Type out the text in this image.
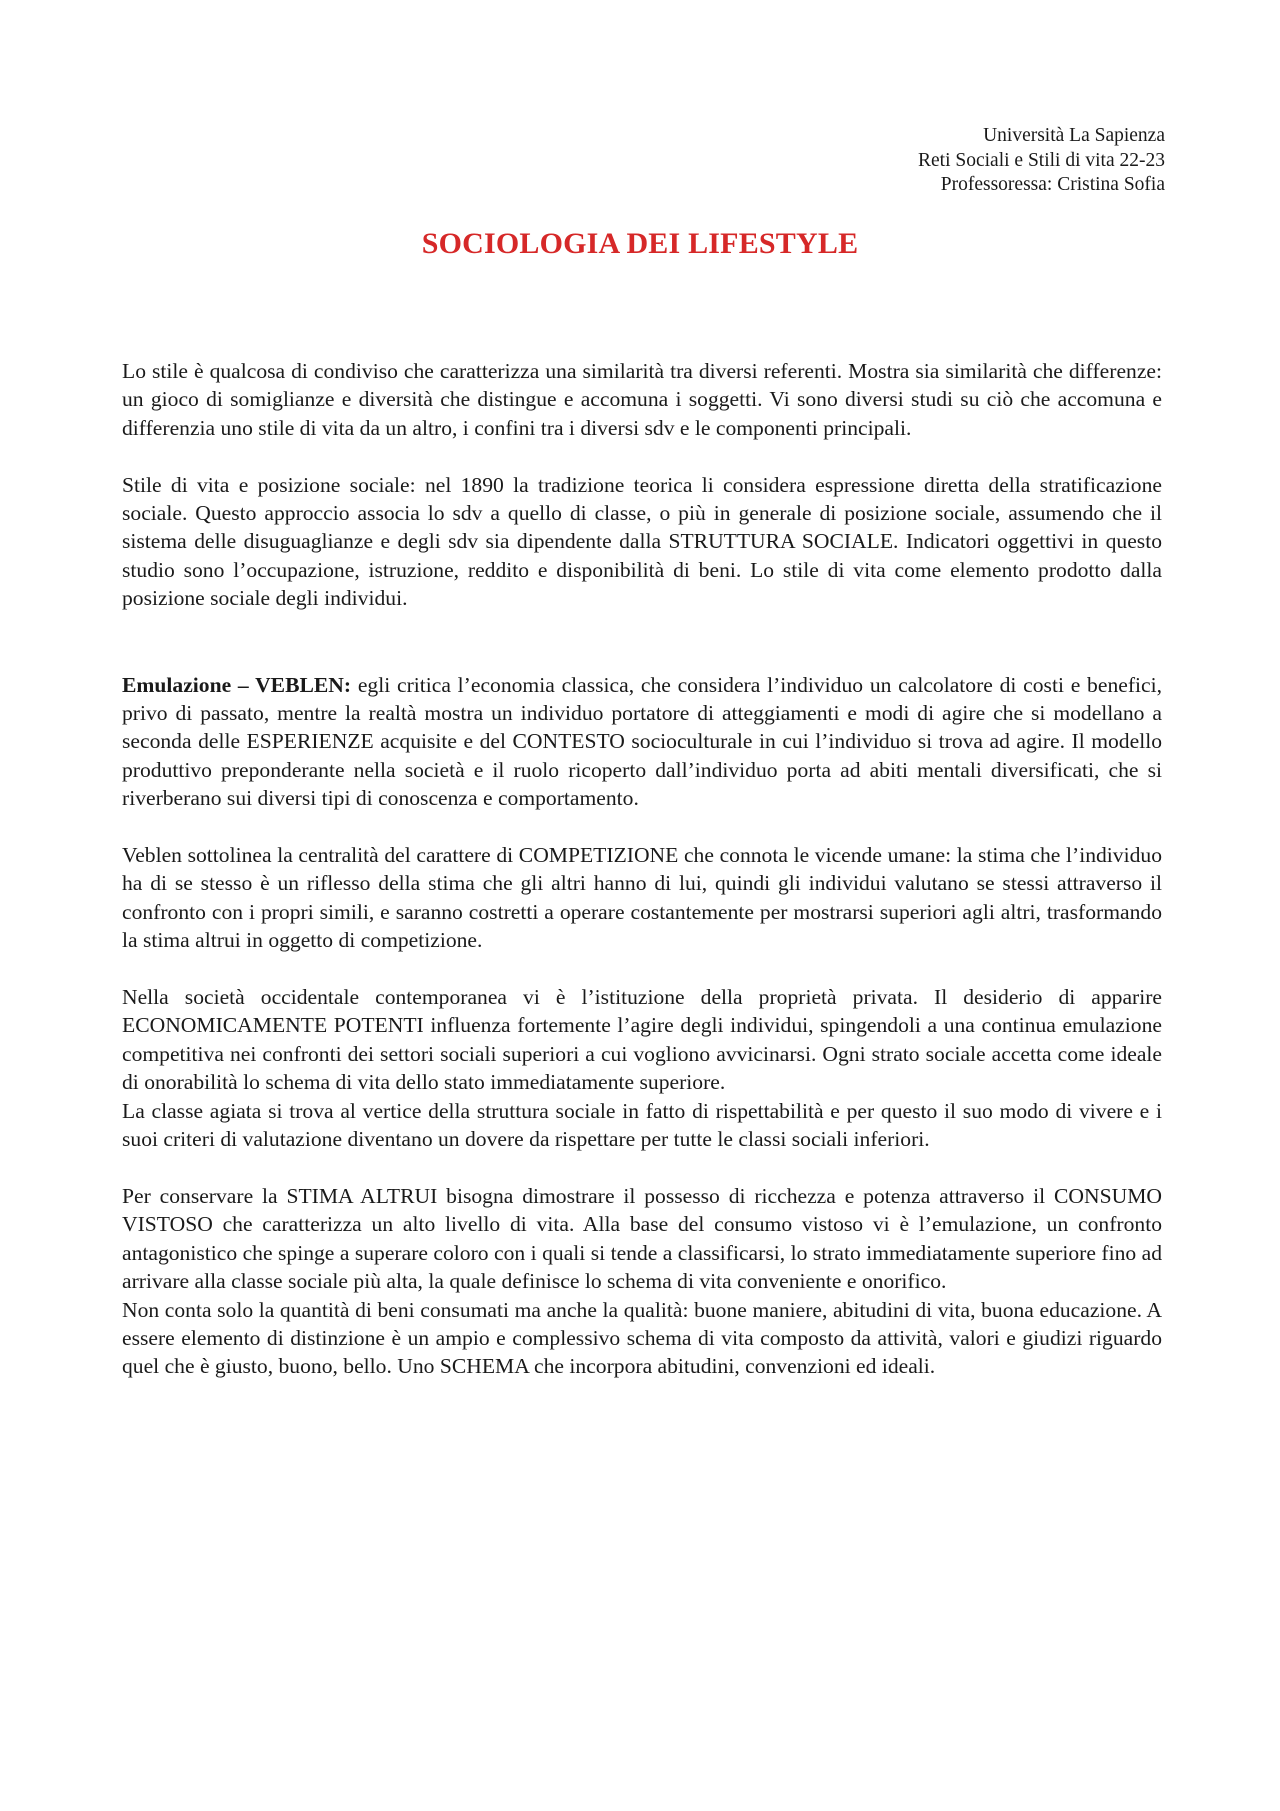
Università La Sapienza
Reti Sociali e Stili di vita 22-23
Professoressa: Cristina Sofia
SOCIOLOGIA DEI LIFESTYLE

Lo stile è qualcosa di condiviso che caratterizza una similarità tra diversi referenti. Mostra sia similarità che differenze: un gioco di somiglianze e diversità che distingue e accomuna i soggetti. Vi sono diversi studi su ciò che accomuna e differenzia uno stile di vita da un altro, i confini tra i diversi sdv e le componenti principali.

Stile di vita e posizione sociale: nel 1890 la tradizione teorica li considera espressione diretta della stratificazione sociale. Questo approccio associa lo sdv a quello di classe, o più in generale di posizione sociale, assumendo che il sistema delle disuguaglianze e degli sdv sia dipendente dalla STRUTTURA SOCIALE. Indicatori oggettivi in questo studio sono l’occupazione, istruzione, reddito e disponibilità di beni. Lo stile di vita come elemento prodotto dalla posizione sociale degli individui.

Emulazione – VEBLEN: egli critica l’economia classica, che considera l’individuo un calcolatore di costi e benefici, privo di passato, mentre la realtà mostra un individuo portatore di atteggiamenti e modi di agire che si modellano a seconda delle ESPERIENZE acquisite e del CONTESTO socioculturale in cui l’individuo si trova ad agire. Il modello produttivo preponderante nella società e il ruolo ricoperto dall’individuo porta ad abiti mentali diversificati, che si riverberano sui diversi tipi di conoscenza e comportamento.

Veblen sottolinea la centralità del carattere di COMPETIZIONE che connota le vicende umane: la stima che l’individuo ha di se stesso è un riflesso della stima che gli altri hanno di lui, quindi gli individui valutano se stessi attraverso il confronto con i propri simili, e saranno costretti a operare costantemente per mostrarsi superiori agli altri, trasformando la stima altrui in oggetto di competizione.

Nella società occidentale contemporanea vi è l’istituzione della proprietà privata. Il desiderio di apparire ECONOMICAMENTE POTENTI influenza fortemente l’agire degli individui, spingendoli a una continua emulazione competitiva nei confronti dei settori sociali superiori a cui vogliono avvicinarsi. Ogni strato sociale accetta come ideale di onorabilità lo schema di vita dello stato immediatamente superiore.

La classe agiata si trova al vertice della struttura sociale in fatto di rispettabilità e per questo il suo modo di vivere e i suoi criteri di valutazione diventano un dovere da rispettare per tutte le classi sociali inferiori.

Per conservare la STIMA ALTRUI bisogna dimostrare il possesso di ricchezza e potenza attraverso il CONSUMO VISTOSO che caratterizza un alto livello di vita. Alla base del consumo vistoso vi è l’emulazione, un confronto antagonistico che spinge a superare coloro con i quali si tende a classificarsi, lo strato immediatamente superiore fino ad arrivare alla classe sociale più alta, la quale definisce lo schema di vita conveniente e onorifico.

Non conta solo la quantità di beni consumati ma anche la qualità: buone maniere, abitudini di vita, buona educazione. A essere elemento di distinzione è un ampio e complessivo schema di vita composto da attività, valori e giudizi riguardo quel che è giusto, buono, bello. Uno SCHEMA che incorpora abitudini, convenzioni ed ideali.
